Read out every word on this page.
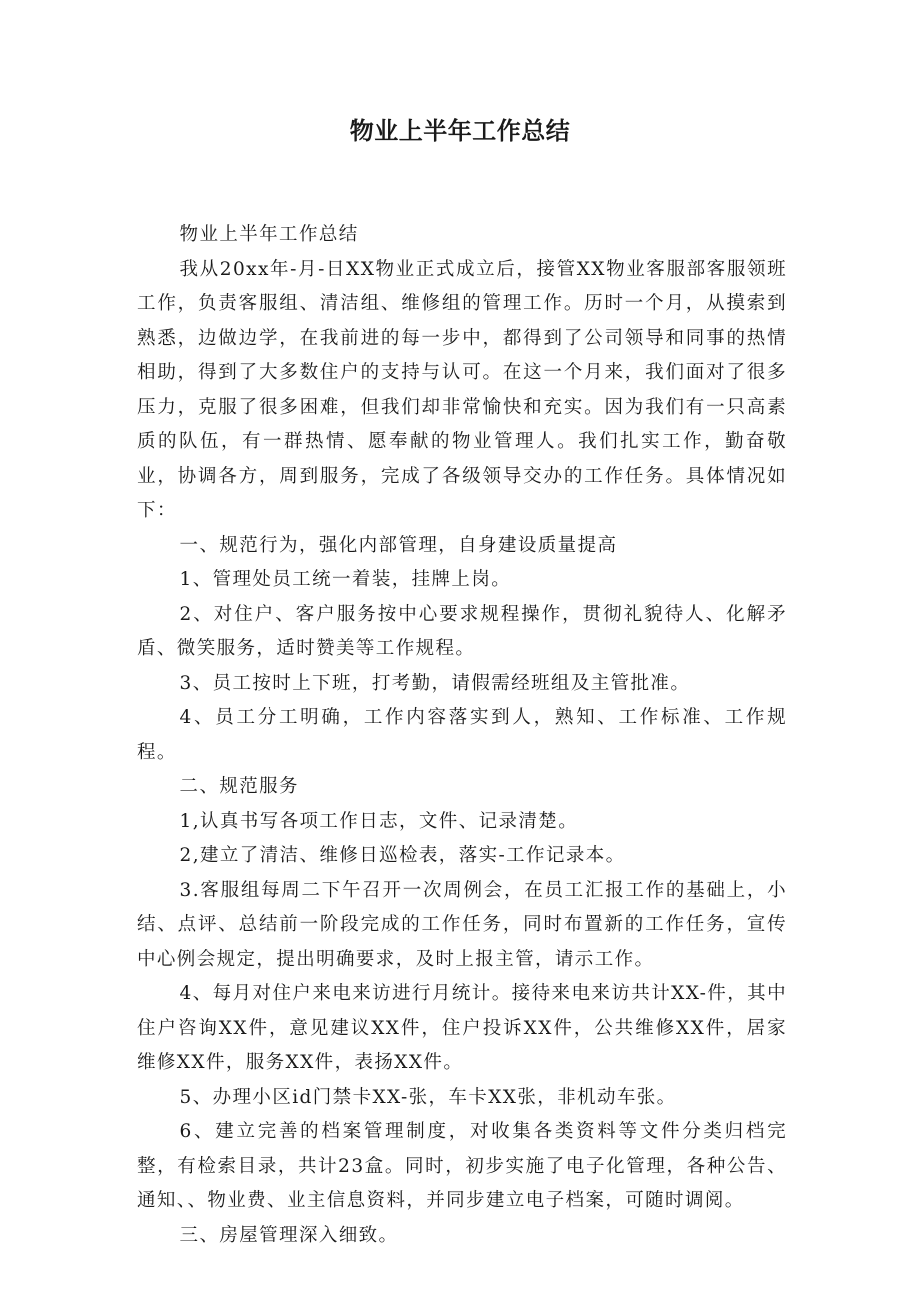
物业上半年工作总结

物业上半年工作总结

我从20xx年-月-日XX物业正式成立后，接管XX物业客服部客服领班工作，负责客服组、清洁组、维修组的管理工作。历时一个月，从摸索到熟悉，边做边学，在我前进的每一步中，都得到了公司领导和同事的热情相助，得到了大多数住户的支持与认可。在这一个月来，我们面对了很多压力，克服了很多困难，但我们却非常愉快和充实。因为我们有一只高素质的队伍，有一群热情、愿奉献的物业管理人。我们扎实工作，勤奋敬业，协调各方，周到服务，完成了各级领导交办的工作任务。具体情况如下：

一、规范行为，强化内部管理，自身建设质量提高

1、管理处员工统一着装，挂牌上岗。

2、对住户、客户服务按中心要求规程操作，贯彻礼貌待人、化解矛盾、微笑服务，适时赞美等工作规程。

3、员工按时上下班，打考勤，请假需经班组及主管批准。

4、员工分工明确，工作内容落实到人，熟知、工作标准、工作规程。

二、规范服务

1,认真书写各项工作日志，文件、记录清楚。

2,建立了清洁、维修日巡检表，落实-工作记录本。

3.客服组每周二下午召开一次周例会，在员工汇报工作的基础上，小结、点评、总结前一阶段完成的工作任务，同时布置新的工作任务，宣传中心例会规定，提出明确要求，及时上报主管，请示工作。

4、每月对住户来电来访进行月统计。接待来电来访共计XX-件，其中住户咨询XX件，意见建议XX件，住户投诉XX件，公共维修XX件，居家维修XX件，服务XX件，表扬XX件。

5、办理小区id门禁卡XX-张，车卡XX张，非机动车张。

6、建立完善的档案管理制度，对收集各类资料等文件分类归档完整，有检索目录，共计23盒。同时，初步实施了电子化管理，各种公告、通知、、物业费、业主信息资料，并同步建立电子档案，可随时调阅。

三、房屋管理深入细致。
